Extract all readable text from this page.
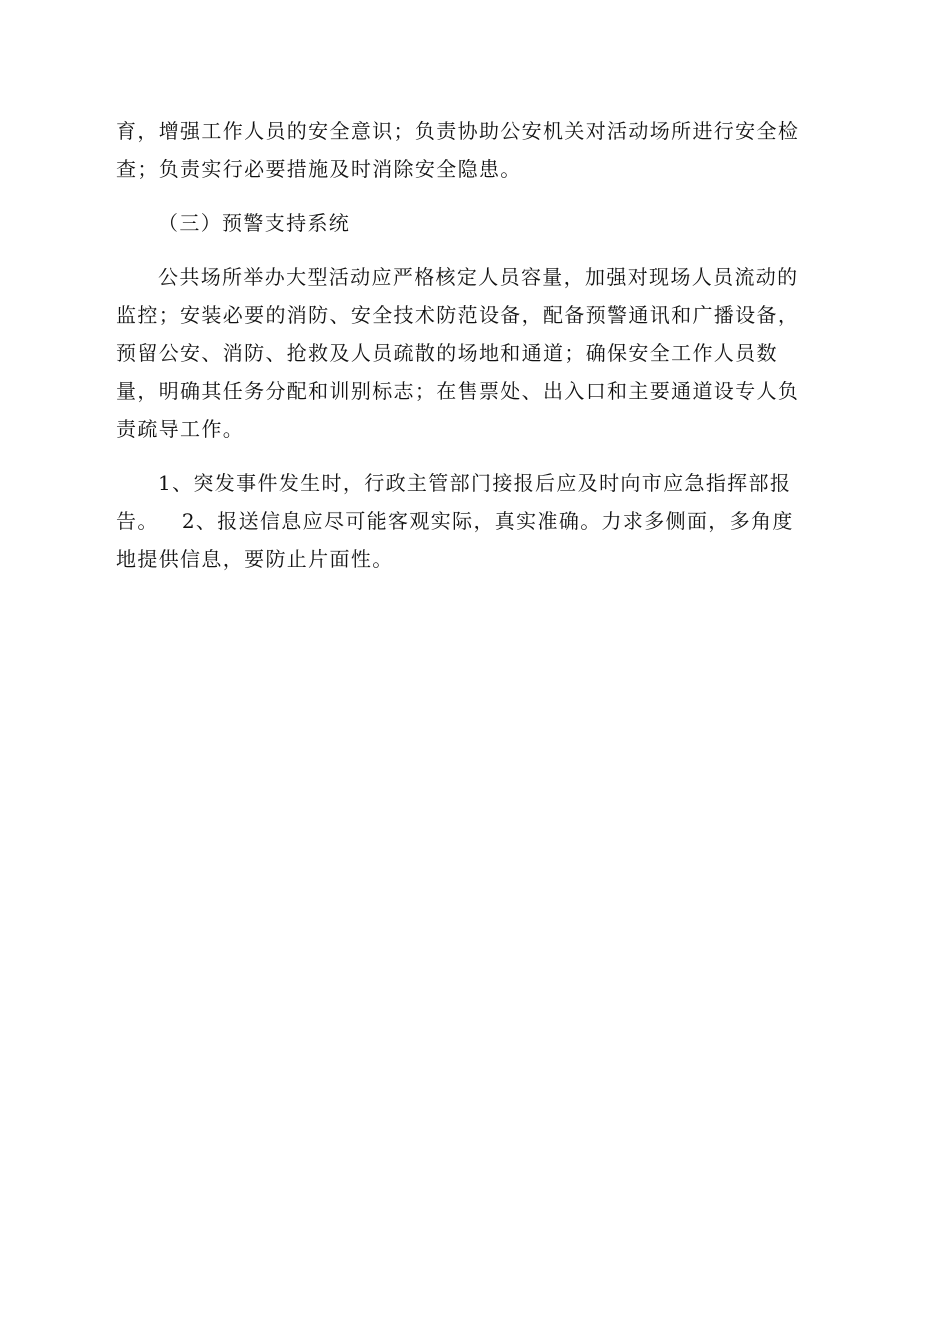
育，增强工作人员的安全意识；负责协助公安机关对活动场所进行安全检
查；负责实行必要措施及时消除安全隐患。
（三）预警支持系统
公共场所举办大型活动应严格核定人员容量，加强对现场人员流动的
监控；安装必要的消防、安全技术防范设备，配备预警通讯和广播设备，
预留公安、消防、抢救及人员疏散的场地和通道；确保安全工作人员数
量，明确其任务分配和训别标志；在售票处、出入口和主要通道设专人负
责疏导工作。
1、突发事件发生时，行政主管部门接报后应及时向市应急指挥部报
告。   2、报送信息应尽可能客观实际，真实准确。力求多侧面，多角度
地提供信息，要防止片面性。
